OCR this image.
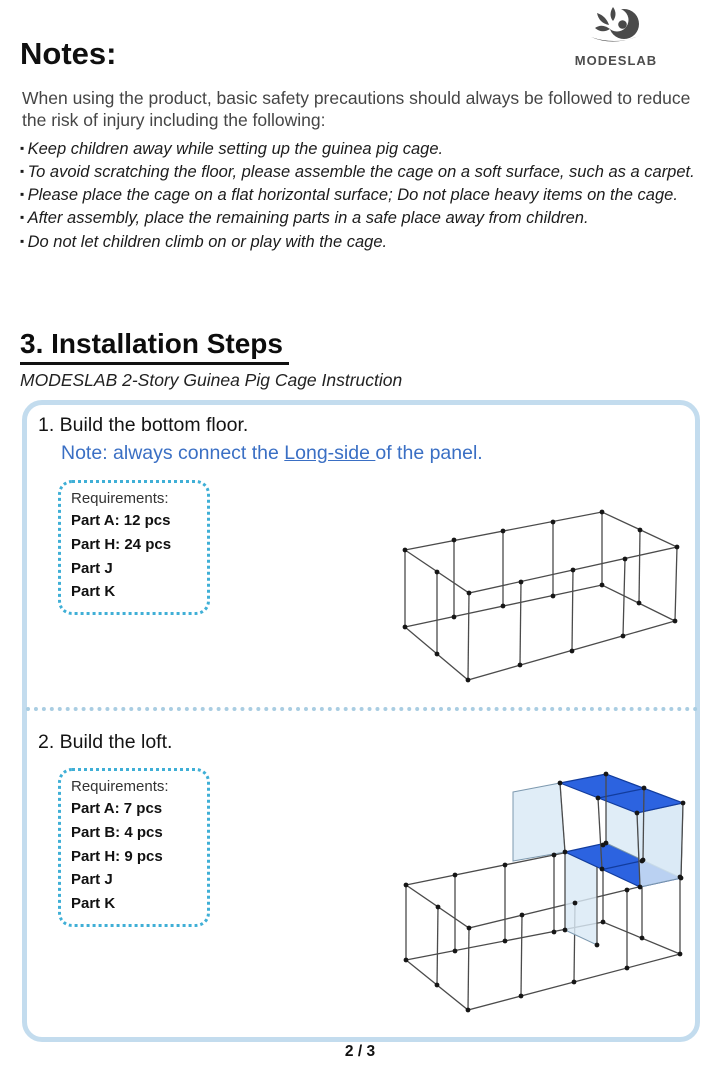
MODESLAB
Notes:
When using the product, basic safety precautions should always be followed to reduce the risk of injury including the following:
▪ Keep children away while setting up the guinea pig cage.
▪ To avoid scratching the floor, please assemble the cage on a soft surface, such as a carpet.
▪ Please place the cage on a flat horizontal surface; Do not place heavy items on the cage.
▪ After assembly, place the remaining parts in a safe place away from children.
▪ Do not let children climb on or play with the cage.
3. Installation Steps
MODESLAB 2-Story Guinea Pig Cage Instruction
1. Build the bottom floor.
Note: always connect the Long-side of the panel.
Requirements:
Part A: 12 pcs
Part H: 24 pcs
Part J
Part K
2. Build the loft.
Requirements:
Part A: 7 pcs
Part B: 4 pcs
Part H: 9 pcs
Part J
Part K
2 / 3
